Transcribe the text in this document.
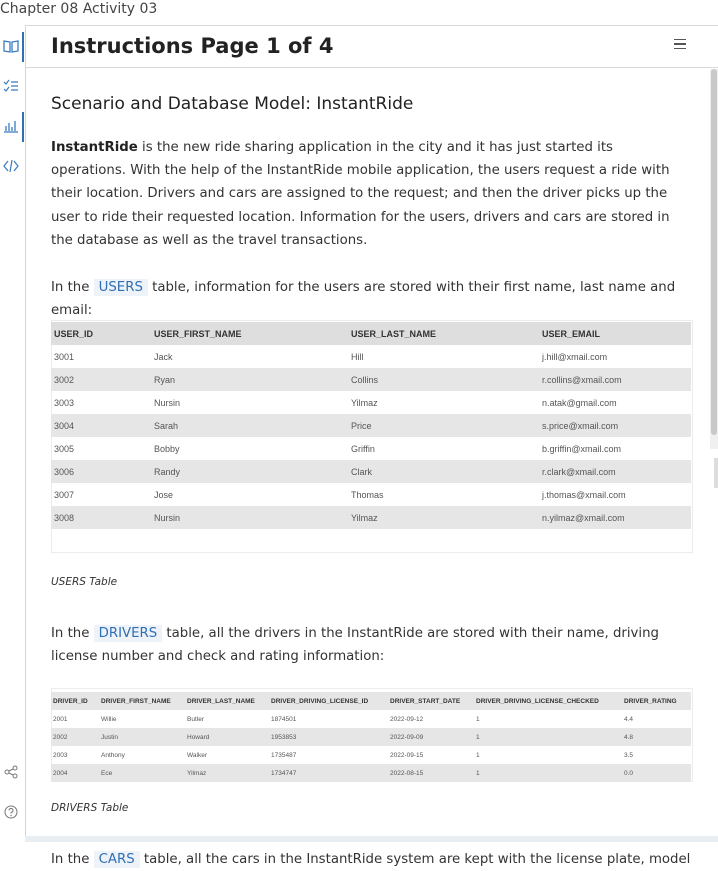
Chapter 08 Activity 03
Instructions Page 1 of 4
Scenario and Database Model: InstantRide

InstantRide is the new ride sharing application in the city and it has just started its operations. With the help of the InstantRide mobile application, the users request a ride with their location. Drivers and cars are assigned to the request; and then the driver picks up the user to ride their requested location. Information for the users, drivers and cars are stored in the database as well as the travel transactions.

In the USERS table, information for the users are stored with their first name, last name and email:

USER_ID	USER_FIRST_NAME	USER_LAST_NAME	USER_EMAIL
3001	Jack	Hill	j.hill@xmail.com
3002	Ryan	Collins	r.collins@xmail.com
3003	Nursin	Yilmaz	n.atak@gmail.com
3004	Sarah	Price	s.price@xmail.com
3005	Bobby	Griffin	b.griffin@xmail.com
3006	Randy	Clark	r.clark@xmail.com
3007	Jose	Thomas	j.thomas@xmail.com
3008	Nursin	Yilmaz	n.yilmaz@xmail.com
USERS Table

In the DRIVERS table, all the drivers in the InstantRide are stored with their name, driving license number and check and rating information:

DRIVER_ID	DRIVER_FIRST_NAME	DRIVER_LAST_NAME	DRIVER_DRIVING_LICENSE_ID	DRIVER_START_DATE	DRIVER_DRIVING_LICENSE_CHECKED	DRIVER_RATING
2001	Willie	Butler	1874501	2022-09-12	1	4.4
2002	Justin	Howard	1953853	2022-09-09	1	4.8
2003	Anthony	Walker	1735487	2022-09-15	1	3.5
2004	Ece	Yilmaz	1734747	2022-08-15	1	0.0
DRIVERS Table

In the CARS table, all the cars in the InstantRide system are kept with the license plate, model
